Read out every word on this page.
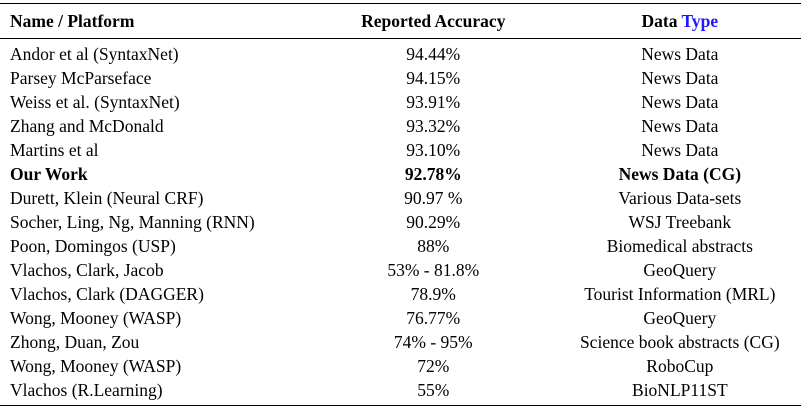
Name / Platform	Reported Accuracy	Data Type
Andor et al (SyntaxNet)	94.44%	News Data
Parsey McParseface	94.15%	News Data
Weiss et al. (SyntaxNet)	93.91%	News Data
Zhang and McDonald	93.32%	News Data
Martins et al	93.10%	News Data
Our Work	92.78%	News Data (CG)
Durett, Klein (Neural CRF)	90.97 %	Various Data-sets
Socher, Ling, Ng, Manning (RNN)	90.29%	WSJ Treebank
Poon, Domingos (USP)	88%	Biomedical abstracts
Vlachos, Clark, Jacob	53% - 81.8%	GeoQuery
Vlachos, Clark (DAGGER)	78.9%	Tourist Information (MRL)
Wong, Mooney (WASP)	76.77%	GeoQuery
Zhong, Duan, Zou	74% - 95%	Science book abstracts (CG)
Wong, Mooney (WASP)	72%	RoboCup
Vlachos (R.Learning)	55%	BioNLP11ST
